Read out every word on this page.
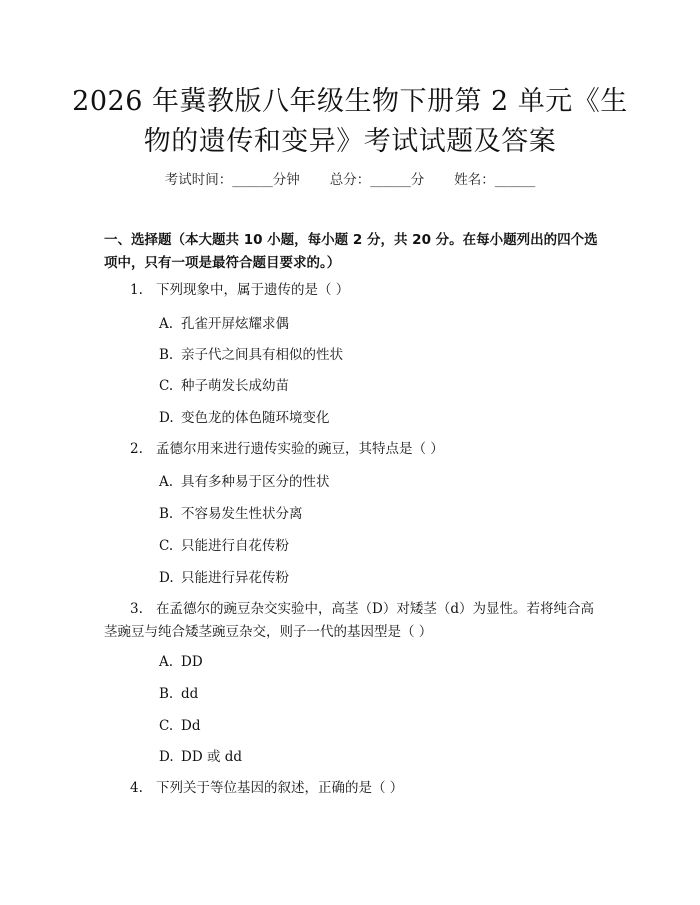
2026 年冀教版八年级生物下册第 2 单元《生
物的遗传和变异》考试试题及答案
考试时间：______分钟 总分：______分 姓名：______
一、选择题（本大题共 10 小题，每小题 2 分，共 20 分。在每小题列出的四个选
项中，只有一项是最符合题目要求的。）
1. 下列现象中，属于遗传的是（ ）
A. 孔雀开屏炫耀求偶
B. 亲子代之间具有相似的性状
C. 种子萌发长成幼苗
D. 变色龙的体色随环境变化
2. 孟德尔用来进行遗传实验的豌豆，其特点是（ ）
A. 具有多种易于区分的性状
B. 不容易发生性状分离
C. 只能进行自花传粉
D. 只能进行异花传粉
3. 在孟德尔的豌豆杂交实验中，高茎（D）对矮茎（d）为显性。若将纯合高
茎豌豆与纯合矮茎豌豆杂交，则子一代的基因型是（ ）
A. DD
B. dd
C. Dd
D. DD 或 dd
4. 下列关于等位基因的叙述，正确的是（ ）
